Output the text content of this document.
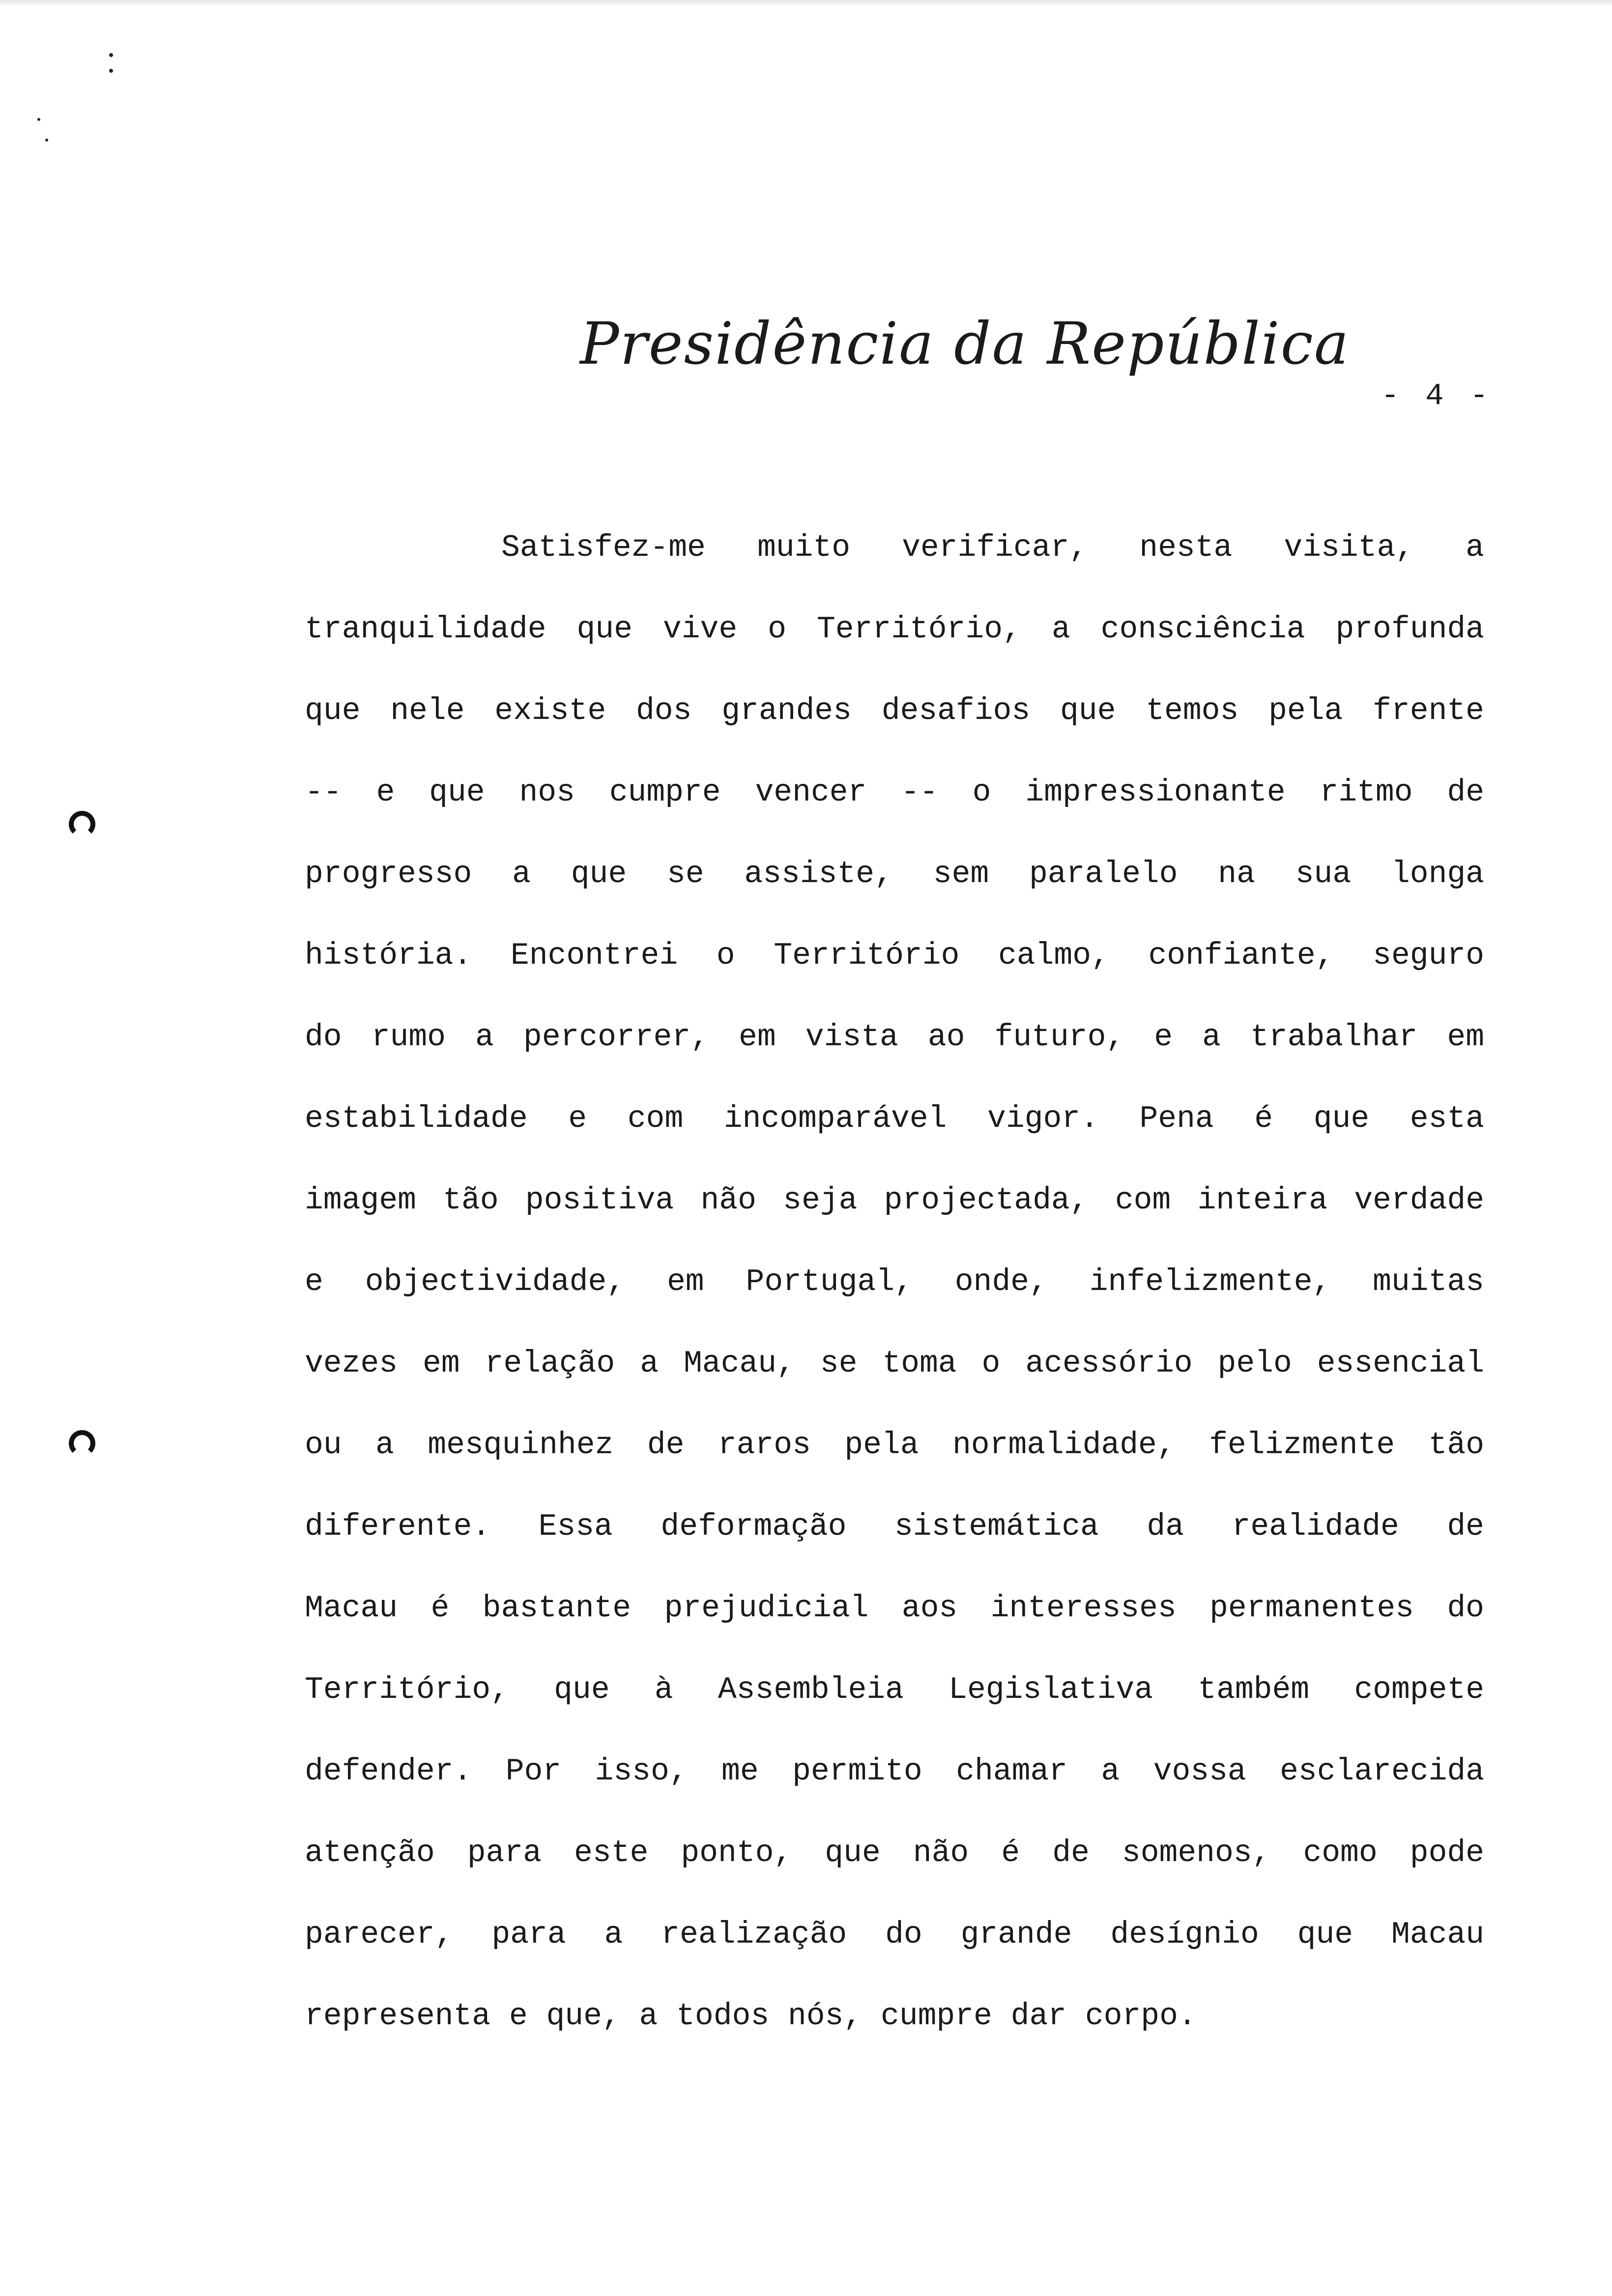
Presidência da República
- 4 -
Satisfez-me muito verificar, nesta visita, a
tranquilidade que vive o Território, a consciência profunda
que nele existe dos grandes desafios que temos pela frente
-- e que nos cumpre vencer -- o impressionante ritmo de
progresso a que se assiste, sem paralelo na sua longa
história. Encontrei o Território calmo, confiante, seguro
do rumo a percorrer, em vista ao futuro, e a trabalhar em
estabilidade e com incomparável vigor. Pena é que esta
imagem tão positiva não seja projectada, com inteira verdade
e objectividade, em Portugal, onde, infelizmente, muitas
vezes em relação a Macau, se toma o acessório pelo essencial
ou a mesquinhez de raros pela normalidade, felizmente tão
diferente. Essa deformação sistemática da realidade de
Macau é bastante prejudicial aos interesses permanentes do
Território, que à Assembleia Legislativa também compete
defender. Por isso, me permito chamar a vossa esclarecida
atenção para este ponto, que não é de somenos, como pode
parecer, para a realização do grande desígnio que Macau
representa e que, a todos nós, cumpre dar corpo.
